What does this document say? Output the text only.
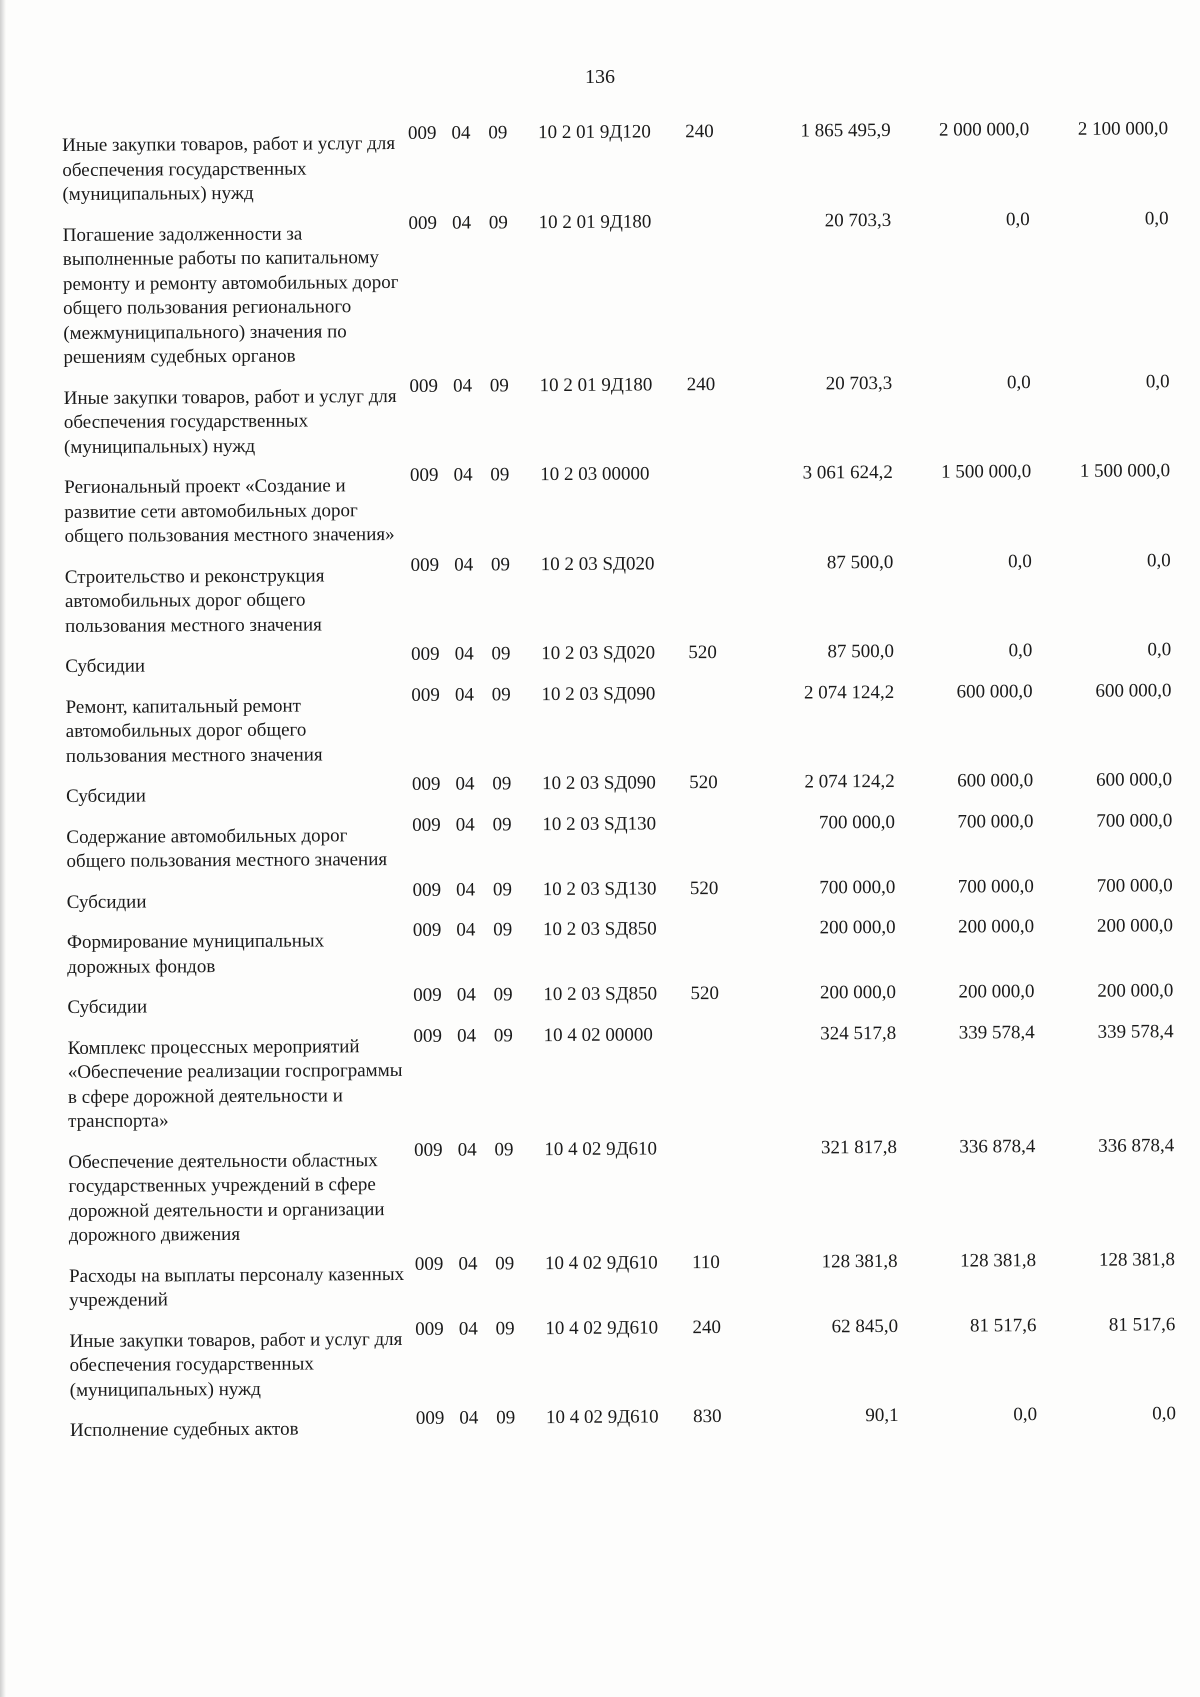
136
Иные закупки товаров, работ и услуг для обеспечения государственных (муниципальных) нужд	009	04	09	10 2 01 9Д120	240	1 865 495,9	2 000 000,0	2 100 000,0
Погашение задолженности за выполненные работы по капитальному ремонту и ремонту автомобильных дорог общего пользования регионального (межмуниципального) значения по решениям судебных органов	009	04	09	10 2 01 9Д180		20 703,3	0,0	0,0
Иные закупки товаров, работ и услуг для обеспечения государственных (муниципальных) нужд	009	04	09	10 2 01 9Д180	240	20 703,3	0,0	0,0
Региональный проект «Создание и развитие сети автомобильных дорог общего пользования местного значения»	009	04	09	10 2 03 00000		3 061 624,2	1 500 000,0	1 500 000,0
Строительство и реконструкция автомобильных дорог общего пользования местного значения	009	04	09	10 2 03 SД020		87 500,0	0,0	0,0
Субсидии	009	04	09	10 2 03 SД020	520	87 500,0	0,0	0,0
Ремонт, капитальный ремонт автомобильных дорог общего пользования местного значения	009	04	09	10 2 03 SД090		2 074 124,2	600 000,0	600 000,0
Субсидии	009	04	09	10 2 03 SД090	520	2 074 124,2	600 000,0	600 000,0
Содержание автомобильных дорог общего пользования местного значения	009	04	09	10 2 03 SД130		700 000,0	700 000,0	700 000,0
Субсидии	009	04	09	10 2 03 SД130	520	700 000,0	700 000,0	700 000,0
Формирование муниципальных дорожных фондов	009	04	09	10 2 03 SД850		200 000,0	200 000,0	200 000,0
Субсидии	009	04	09	10 2 03 SД850	520	200 000,0	200 000,0	200 000,0
Комплекс процессных мероприятий «Обеспечение реализации госпрограммы в сфере дорожной деятельности и транспорта»	009	04	09	10 4 02 00000		324 517,8	339 578,4	339 578,4
Обеспечение деятельности областных государственных учреждений в сфере дорожной деятельности и организации дорожного движения	009	04	09	10 4 02 9Д610		321 817,8	336 878,4	336 878,4
Расходы на выплаты персоналу казенных учреждений	009	04	09	10 4 02 9Д610	110	128 381,8	128 381,8	128 381,8
Иные закупки товаров, работ и услуг для обеспечения государственных (муниципальных) нужд	009	04	09	10 4 02 9Д610	240	62 845,0	81 517,6	81 517,6
Исполнение судебных актов	009	04	09	10 4 02 9Д610	830	90,1	0,0	0,0
